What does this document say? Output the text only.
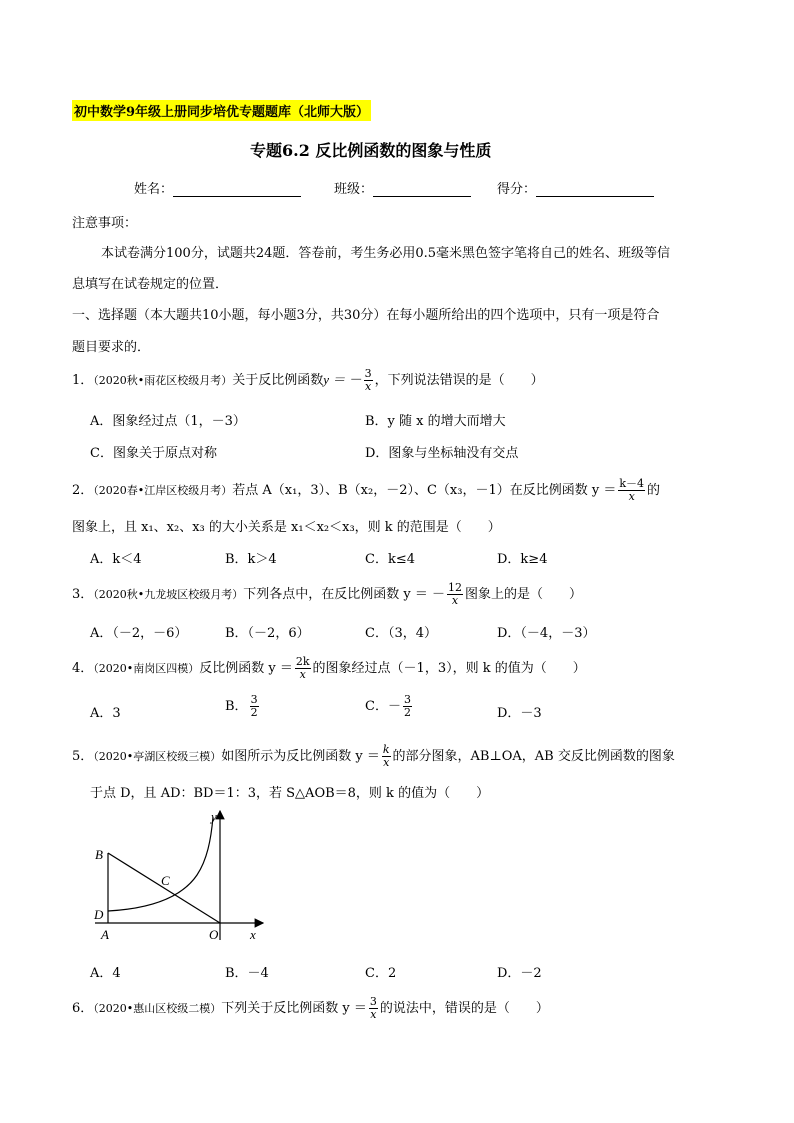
初中数学9年级上册同步培优专题题库（北师大版）
专题6.2 反比例函数的图象与性质
姓名：	班级：	得分：
注意事项：
本试卷满分100分，试题共24题．答卷前，考生务必用0.5毫米黑色签字笔将自己的姓名、班级等信
息填写在试卷规定的位置．
一、选择题（本大题共10小题，每小题3分，共30分）在每小题所给出的四个选项中，只有一项是符合
题目要求的．
1．（2020秋•雨花区校级月考）关于反比例函数y ＝ － $\frac{3}{x}$ ，下列说法错误的是（　　）
A．图象经过点（1，－3）	B．y 随 x 的增大而增大
C．图象关于原点对称	D．图象与坐标轴没有交点
2．（2020春•江岸区校级月考）若点 A（x₁，3）、B（x₂，－2）、C（x₃，－1）在反比例函数 $y = \frac{k-4}{x}$ 的
图象上，且 x₁、x₂、x₃ 的大小关系是 x₁＜x₂＜x₃，则 k 的范围是（　　）
A．k＜4	B．k＞4	C．k≤4	D．k≥4
3．（2020秋•九龙坡区校级月考）下列各点中，在反比例函数 y ＝ － $\frac{12}{x}$ 图象上的是（　　）
A．（－2，－6）	B．（－2，6）	C．（3，4）	D．（－4，－3）
4．（2020•南岗区四模）反比例函数 $y = \frac{2k}{x}$ 的图象经过点（－1，3），则 k 的值为（　　）
A．3	B． $\frac{3}{2}$	C．－ $\frac{3}{2}$	D．－3
5．（2020•亭湖区校级三模）如图所示为反比例函数 $y = \frac{k}{x}$ 的部分图象，AB⊥OA，AB 交反比例函数的图象
于点 D，且 AD：BD＝1：3，若 S△AOB＝8，则 k 的值为（　　）
y
x
B
C
D
A	O
A．4	B．－4	C．2	D．－2
6．（2020•惠山区校级二模）下列关于反比例函数 $y = \frac{3}{x}$ 的说法中，错误的是（　　）
